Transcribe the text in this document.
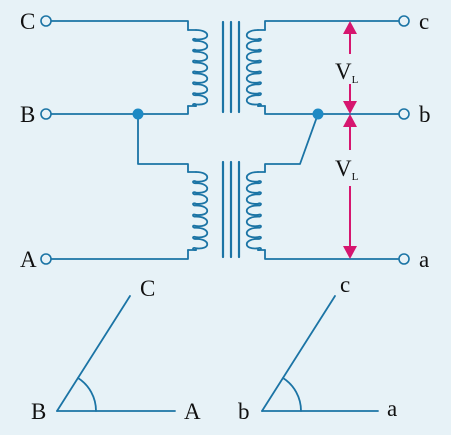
C
B
A
c
b
a
VL
VL
C
B	A
c
b	a
